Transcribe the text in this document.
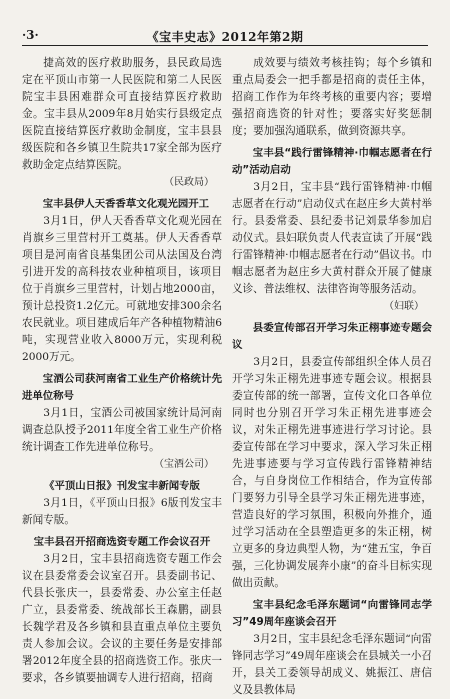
·3·	《宝丰史志》2012年第2期

捷高效的医疗救助服务，县民政局选定在平顶山市第一人民医院和第二人民医院宝丰县困难群众可直接结算医疗救助金。宝丰县从2009年8月始实行县级定点医院直接结算医疗救助金制度，宝丰县县级医院和各乡镇卫生院共17家全部为医疗救助金定点结算医院。

（民政局）

宝丰县伊人天香香草文化观光园开工

3月1日，伊人天香香草文化观光园在肖旗乡三里营村开工奠基。伊人天香香草项目是河南省良基集团公司从法国及台湾引进开发的高科技农业种植项目，该项目位于肖旗乡三里营村，计划占地2000亩，预计总投资1.2亿元。可就地安排300余名农民就业。项目建成后年产各种植物精油6吨，实现营业收入8000万元，实现利税2000万元。

宝酒公司获河南省工业生产价格统计先进单位称号

3月1日，宝酒公司被国家统计局河南调查总队授予2011年度全省工业生产价格统计调查工作先进单位称号。

（宝酒公司）

《平顶山日报》刊发宝丰新闻专版

3月1日，《平顶山日报》6版刊发宝丰新闻专版。

宝丰县召开招商选资专题工作会议召开

3月2日，宝丰县招商选资专题工作会议在县委常委会议室召开。县委副书记、代县长张庆一，县委常委、办公室主任赵广立，县委常委、统战部长王森鹏，副县长魏学君及各乡镇和县直重点单位主要负责人参加会议。会议的主要任务是安排部署2012年度全县的招商选资工作。张庆一要求，各乡镇要抽调专人进行招商，招商

成效要与绩效考核挂钩；每个乡镇和重点局委会一把手都是招商的责任主体，招商工作作为年终考核的重要内容；要增强招商选资的针对性；要落实好奖惩制度；要加强沟通联系，做到资源共享。

宝丰县“践行雷锋精神·巾帼志愿者在行动”活动启动

3月2日，宝丰县“践行雷锋精神·巾帼志愿者在行动”启动仪式在赵庄乡大黄村举行。县委常委、县纪委书记刘景华参加启动仪式。县妇联负责人代表宣读了开展“践行雷锋精神·巾帼志愿者在行动”倡议书。巾帼志愿者为赵庄乡大黄村群众开展了健康义诊、普法维权、法律咨询等服务活动。

（妇联）

县委宣传部召开学习朱正栩事迹专题会议

3月2日，县委宣传部组织全体人员召开学习朱正栩先进事迹专题会议。根据县委宣传部的统一部署，宣传文化口各单位同时也分别召开学习朱正栩先进事迹会议，对朱正栩先进事迹进行学习讨论。县委宣传部在学习中要求，深入学习朱正栩先进事迹要与学习宣传践行雷锋精神结合，与自身岗位工作相结合，作为宣传部门要努力引导全县学习朱正栩先进事迹，营造良好的学习氛围，积极向外推介，通过学习活动在全县塑造更多的朱正栩，树立更多的身边典型人物，为“建五宝，争百强，三化协调发展奔小康”的奋斗目标实现做出贡献。

宝丰县纪念毛泽东题词“向雷锋同志学习”49周年座谈会召开

3月2日，宝丰县纪念毛泽东题词“向雷锋同志学习”49周年座谈会在县城关一小召开，县关工委领导胡成义、姚振江、唐信义及县教体局
